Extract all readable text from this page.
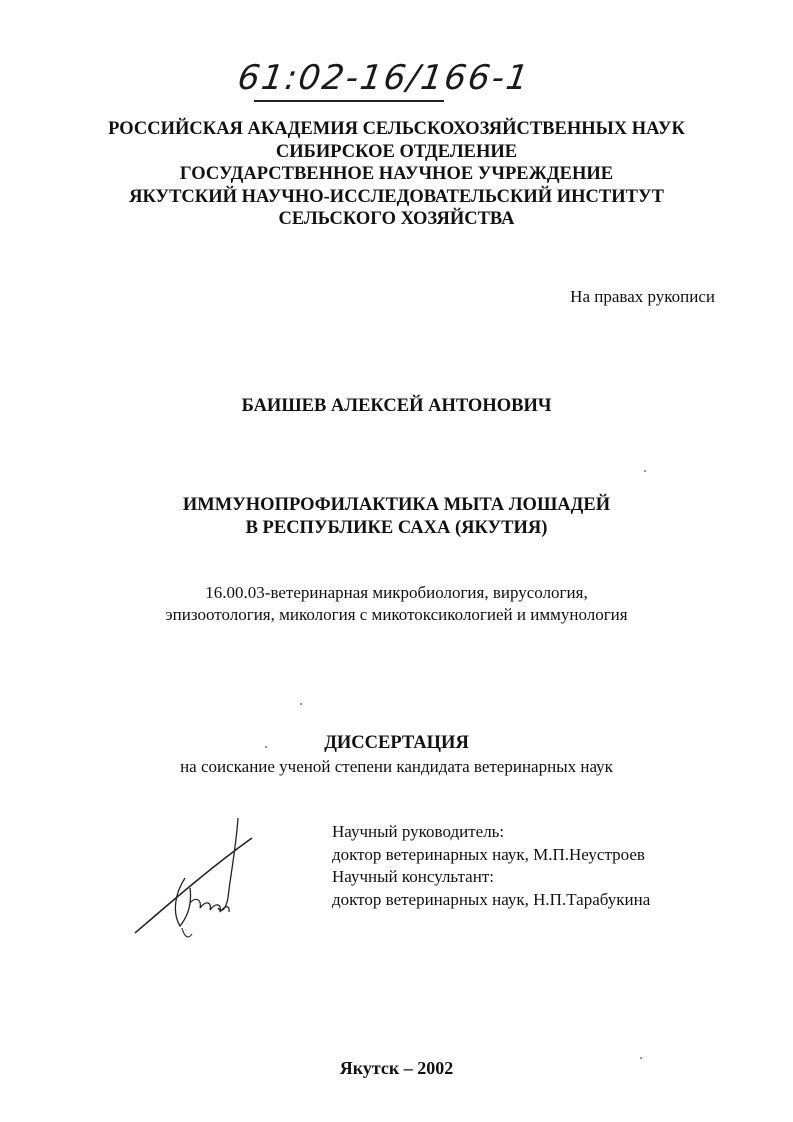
61:02-16/166-1
РОССИЙСКАЯ АКАДЕМИЯ СЕЛЬСКОХОЗЯЙСТВЕННЫХ НАУК
СИБИРСКОЕ ОТДЕЛЕНИЕ
ГОСУДАРСТВЕННОЕ НАУЧНОЕ УЧРЕЖДЕНИЕ
ЯКУТСКИЙ НАУЧНО-ИССЛЕДОВАТЕЛЬСКИЙ ИНСТИТУТ
СЕЛЬСКОГО ХОЗЯЙСТВА
На правах рукописи
БАИШЕВ АЛЕКСЕЙ АНТОНОВИЧ
ИММУНОПРОФИЛАКТИКА МЫТА ЛОШАДЕЙ
В РЕСПУБЛИКЕ САХА (ЯКУТИЯ)
16.00.03-ветеринарная микробиология, вирусология,
эпизоотология, микология с микотоксикологией и иммунология
ДИССЕРТАЦИЯ
на соискание ученой степени кандидата ветеринарных наук
Научный руководитель:
доктор ветеринарных наук, М.П.Неустроев
Научный консультант:
доктор ветеринарных наук, Н.П.Тарабукина
Якутск – 2002
